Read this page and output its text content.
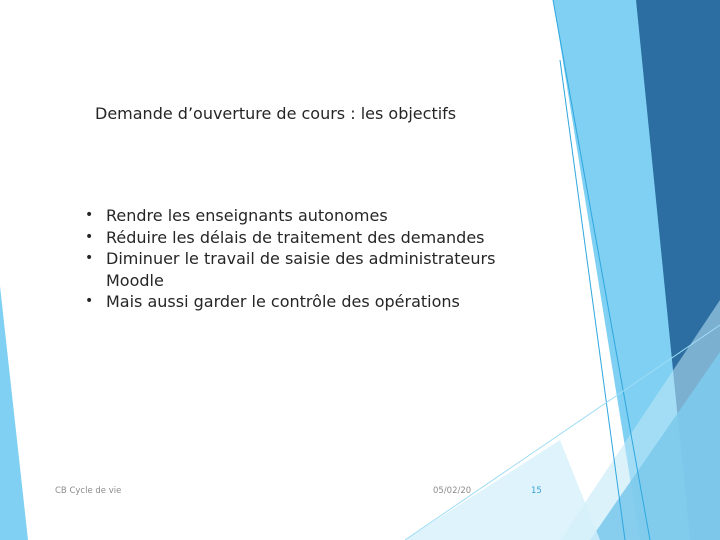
Demande d’ouverture de cours : les objectifs
• Rendre les enseignants autonomes
• Réduire les délais de traitement des demandes
• Diminuer le travail de saisie des administrateurs Moodle
• Mais aussi garder le contrôle des opérations
CB Cycle de vie	05/02/20	15
